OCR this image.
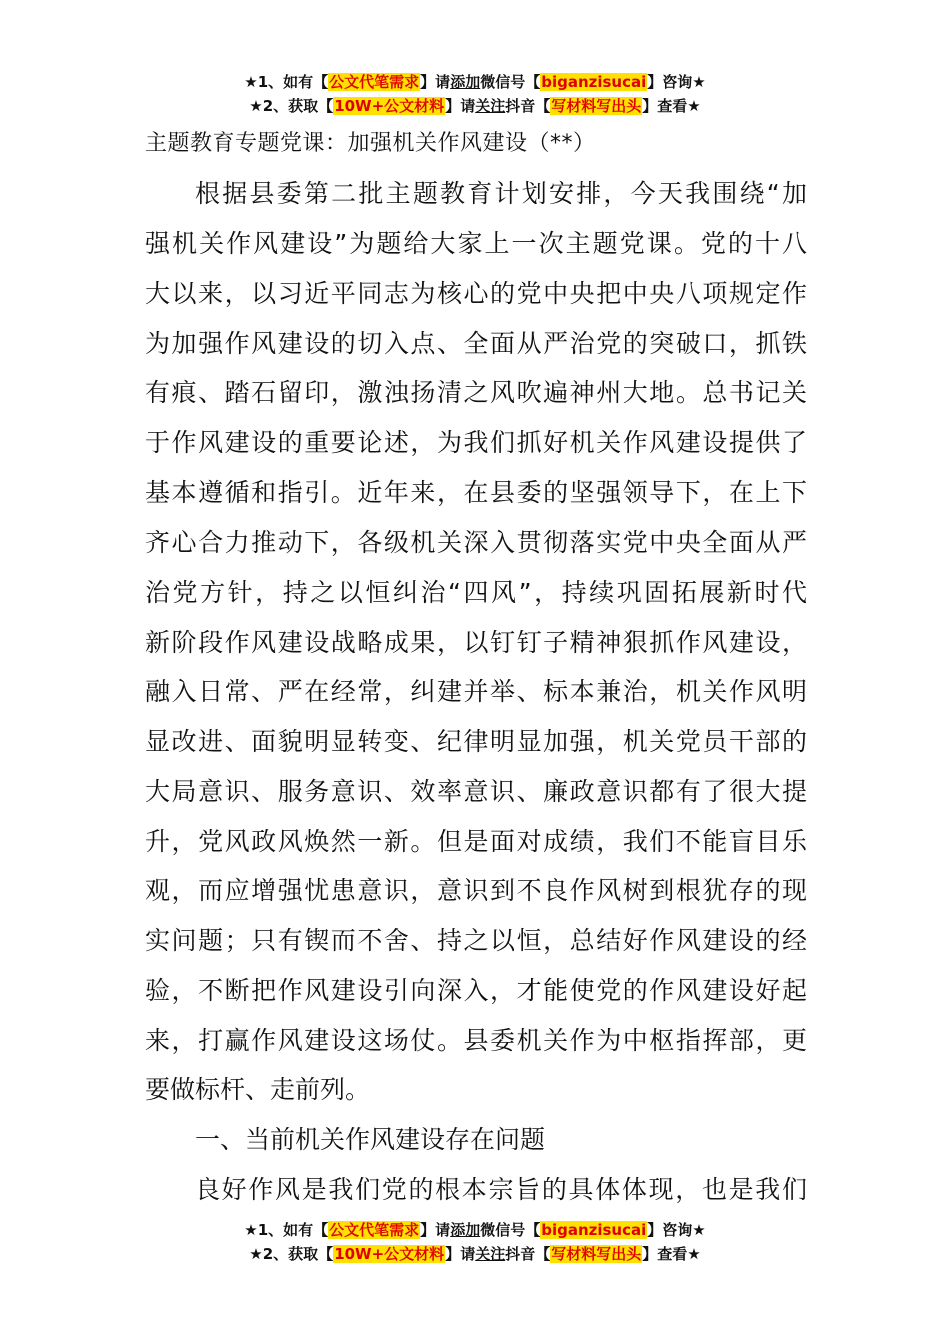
★1、如有【公文代笔需求】请添加微信号【biganzisucai】咨询★
★2、获取【10W+公文材料】请关注抖音【写材料写出头】查看★
主题教育专题党课：加强机关作风建设（**）
根据县委第二批主题教育计划安排，今天我围绕“加
强机关作风建设”为题给大家上一次主题党课。党的十八
大以来，以习近平同志为核心的党中央把中央八项规定作
为加强作风建设的切入点、全面从严治党的突破口，抓铁
有痕、踏石留印，激浊扬清之风吹遍神州大地。总书记关
于作风建设的重要论述，为我们抓好机关作风建设提供了
基本遵循和指引。近年来，在县委的坚强领导下，在上下
齐心合力推动下，各级机关深入贯彻落实党中央全面从严
治党方针，持之以恒纠治“四风”，持续巩固拓展新时代
新阶段作风建设战略成果，以钉钉子精神狠抓作风建设，
融入日常、严在经常，纠建并举、标本兼治，机关作风明
显改进、面貌明显转变、纪律明显加强，机关党员干部的
大局意识、服务意识、效率意识、廉政意识都有了很大提
升，党风政风焕然一新。但是面对成绩，我们不能盲目乐
观，而应增强忧患意识，意识到不良作风树到根犹存的现
实问题；只有锲而不舍、持之以恒，总结好作风建设的经
验，不断把作风建设引向深入，才能使党的作风建设好起
来，打赢作风建设这场仗。县委机关作为中枢指挥部，更
要做标杆、走前列。
一、当前机关作风建设存在问题
良好作风是我们党的根本宗旨的具体体现，也是我们
★1、如有【公文代笔需求】请添加微信号【biganzisucai】咨询★
★2、获取【10W+公文材料】请关注抖音【写材料写出头】查看★
